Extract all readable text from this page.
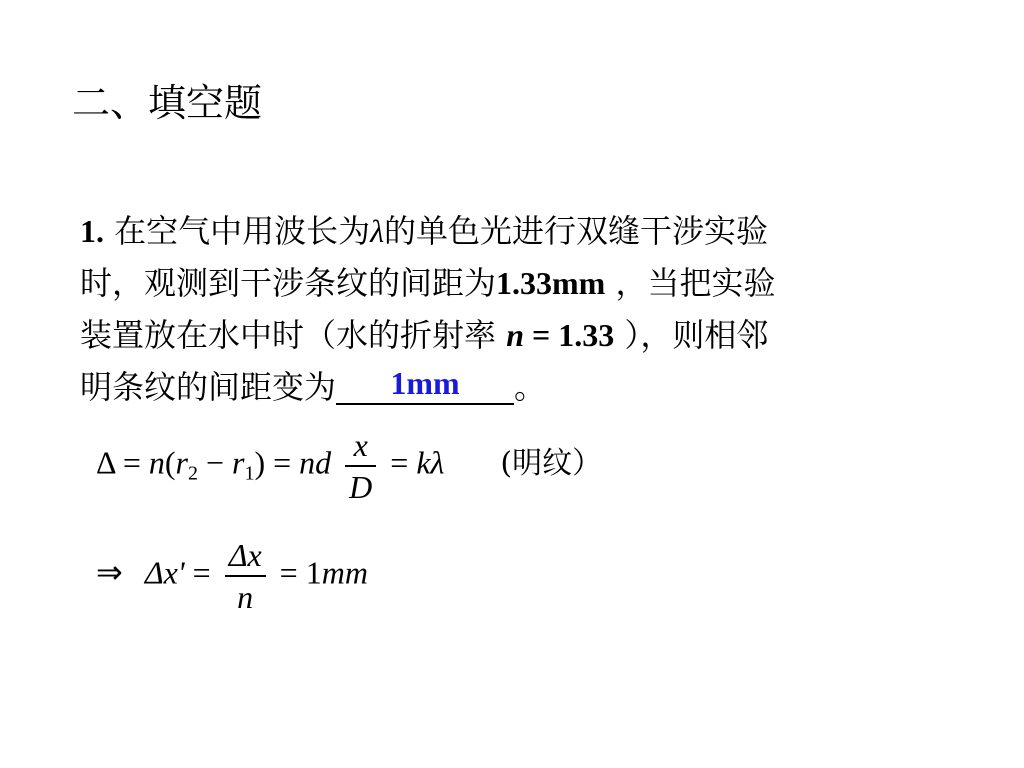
二、填空题
1. 在空气中用波长为λ的单色光进行双缝干涉实验
时，观测到干涉条纹的间距为1.33mm ，当把实验
装置放在水中时（水的折射率 n = 1.33 ），则相邻
明条纹的间距变为 1mm 。
$\Delta = n(r_2 - r_1)$ = nd $\frac{x}{D} = k\lambda$ (明纹）
⇒ $\Delta x' = \frac{\Delta x}{n} = 1mm$
